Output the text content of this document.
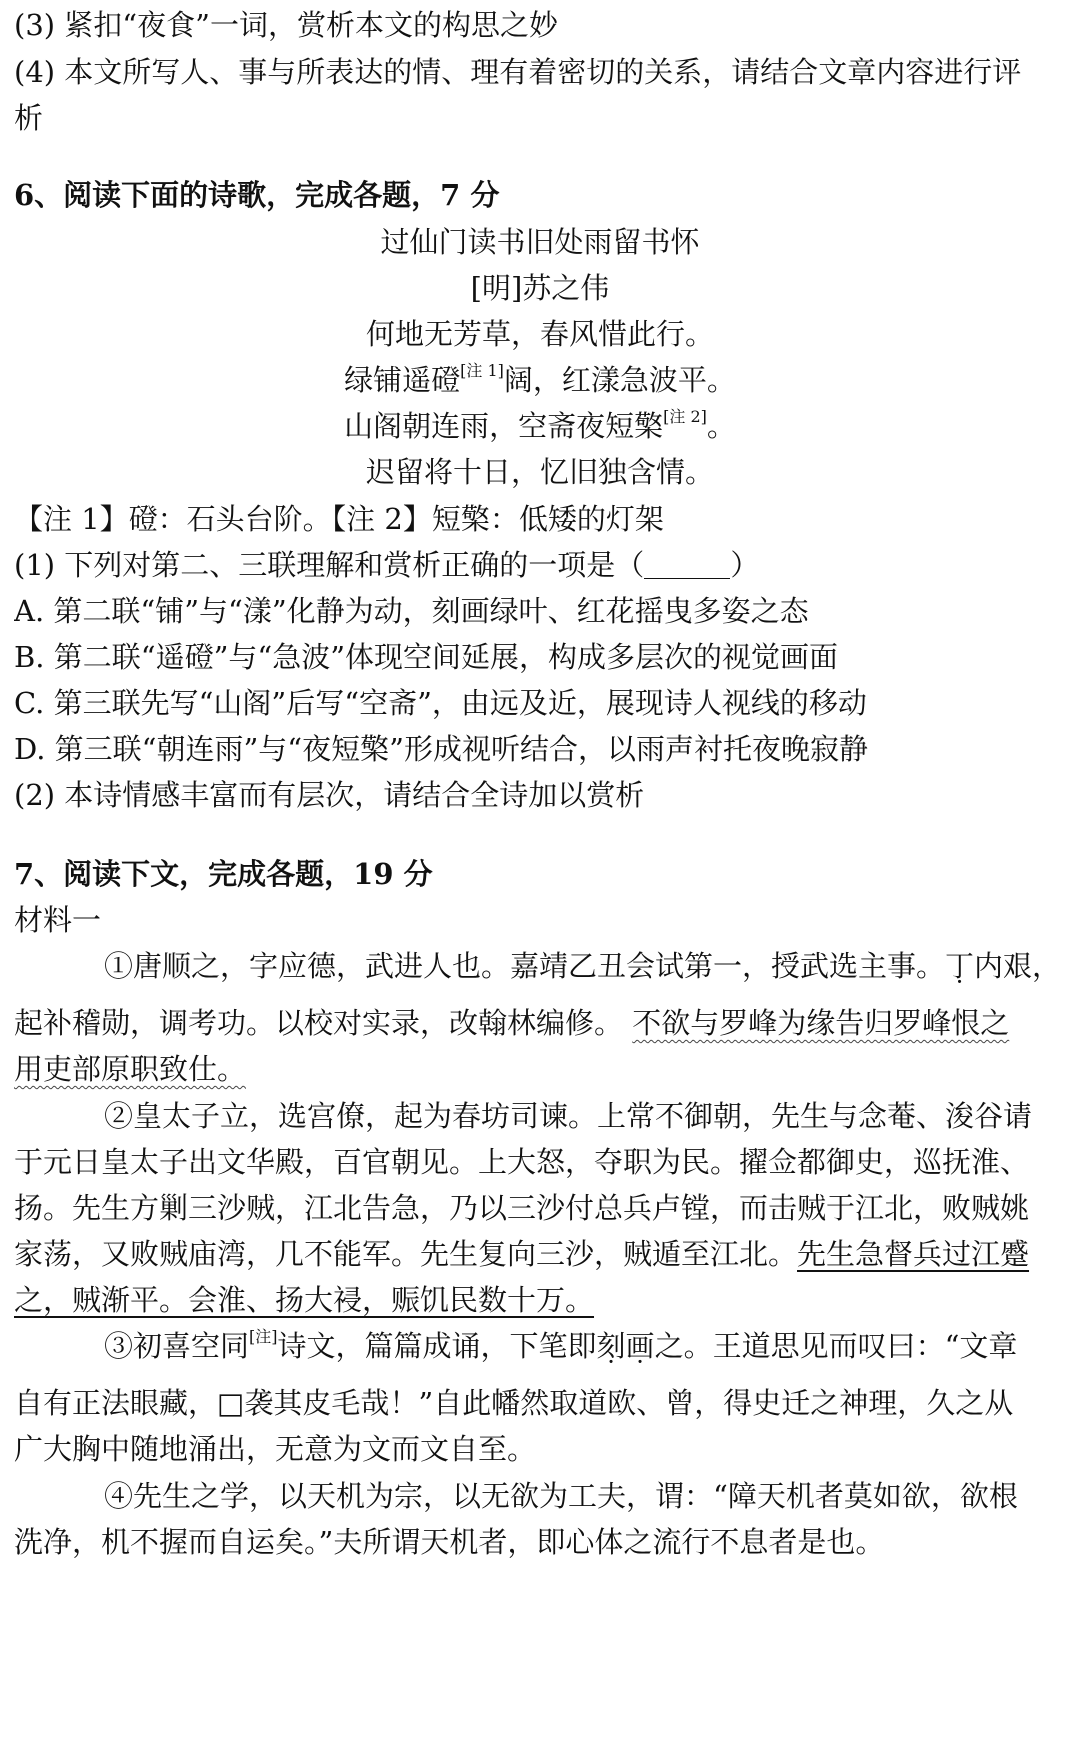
(3) 紧扣“夜食”一词，赏析本文的构思之妙
(4) 本文所写人、事与所表达的情、理有着密切的关系，请结合文章内容进行评
析
6、阅读下面的诗歌，完成各题，7 分
过仙门读书旧处雨留书怀
[明]苏之伟
何地无芳草，春风惜此行。
绿铺遥磴[注 1]阔，红漾急波平。
山阁朝连雨，空斋夜短檠[注 2]。
迟留将十日，忆旧独含情。
【注 1】磴：石头台阶。【注 2】短檠：低矮的灯架
(1) 下列对第二、三联理解和赏析正确的一项是（	）
A. 第二联“铺”与“漾”化静为动，刻画绿叶、红花摇曳多姿之态
B. 第二联“遥磴”与“急波”体现空间延展，构成多层次的视觉画面
C. 第三联先写“山阁”后写“空斋”，由远及近，展现诗人视线的移动
D. 第三联“朝连雨”与“夜短檠”形成视听结合，以雨声衬托夜晚寂静
(2) 本诗情感丰富而有层次，请结合全诗加以赏析
7、阅读下文，完成各题，19 分
材料一
①唐顺之，字应德，武进人也。嘉靖乙丑会试第一，授武选主事。丁内艰，
起补稽勋，调考功。以校对实录，改翰林编修。 不欲与罗峰为缘告归罗峰恨之
用吏部原职致仕。
②皇太子立，选宫僚，起为春坊司谏。上常不御朝，先生与念菴、浚谷请
于元日皇太子出文华殿，百官朝见。上大怒，夺职为民。擢佥都御史，巡抚淮、
扬。先生方剿三沙贼，江北告急，乃以三沙付总兵卢镗，而击贼于江北，败贼姚
家荡，又败贼庙湾，几不能军。先生复向三沙，贼遁至江北。先生急督兵过江蹙
之，贼渐平。会淮、扬大祲，赈饥民数十万。
③初喜空同[注]诗文，篇篇成诵，下笔即刻画之。王道思见而叹曰：“文章
自有正法眼藏，□袭其皮毛哉！”自此幡然取道欧、曾，得史迁之神理，久之从
广大胸中随地涌出，无意为文而文自至。
④先生之学，以天机为宗，以无欲为工夫，谓：“障天机者莫如欲，欲根
洗净，机不握而自运矣。”夫所谓天机者，即心体之流行不息者是也。
